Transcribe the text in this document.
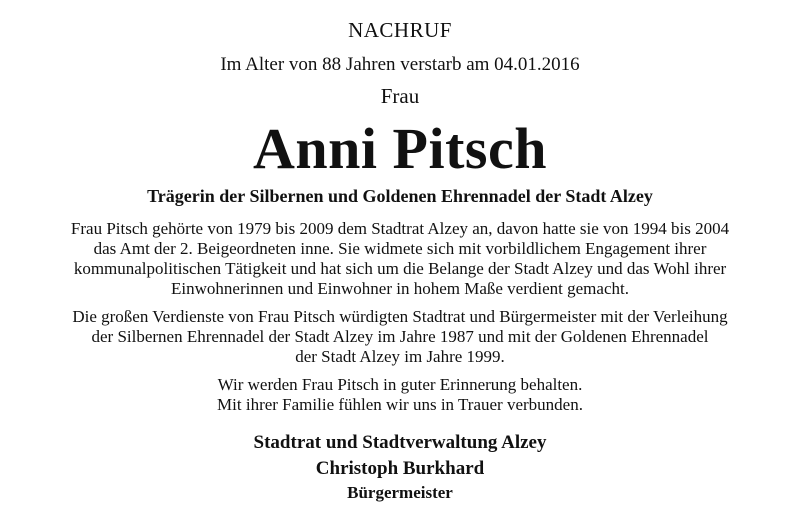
NACHRUF
Im Alter von 88 Jahren verstarb am 04.01.2016
Frau
Anni Pitsch
Trägerin der Silbernen und Goldenen Ehrennadel der Stadt Alzey
Frau Pitsch gehörte von 1979 bis 2009 dem Stadtrat Alzey an, davon hatte sie von 1994 bis 2004
das Amt der 2. Beigeordneten inne. Sie widmete sich mit vorbildlichem Engagement ihrer
kommunalpolitischen Tätigkeit und hat sich um die Belange der Stadt Alzey und das Wohl ihrer
Einwohnerinnen und Einwohner in hohem Maße verdient gemacht.
Die großen Verdienste von Frau Pitsch würdigten Stadtrat und Bürgermeister mit der Verleihung
der Silbernen Ehrennadel der Stadt Alzey im Jahre 1987 und mit der Goldenen Ehrennadel
der Stadt Alzey im Jahre 1999.
Wir werden Frau Pitsch in guter Erinnerung behalten.
Mit ihrer Familie fühlen wir uns in Trauer verbunden.
Stadtrat und Stadtverwaltung Alzey
Christoph Burkhard
Bürgermeister
